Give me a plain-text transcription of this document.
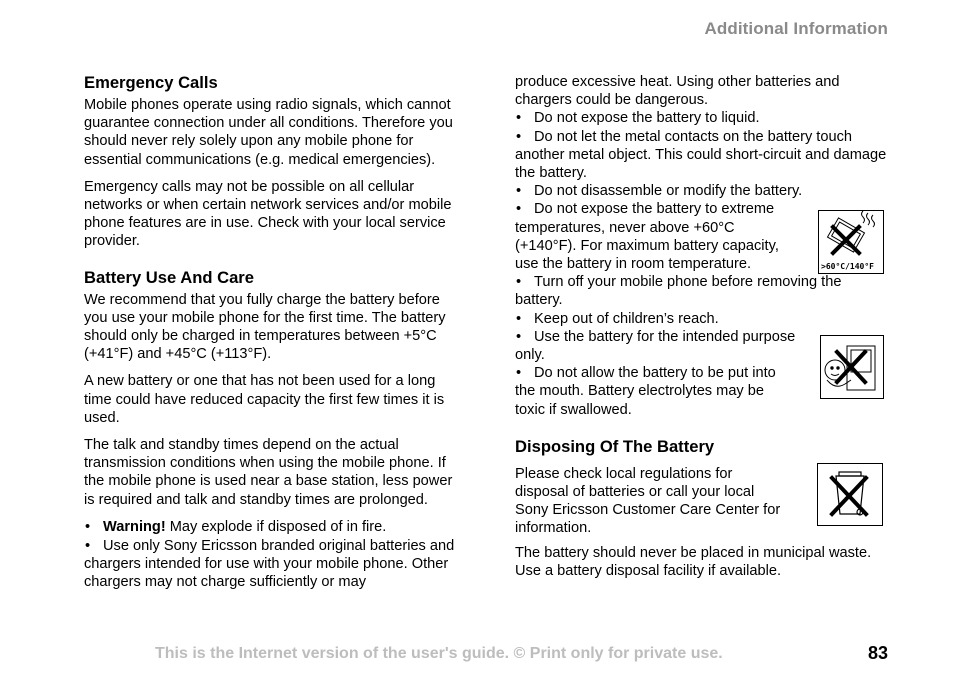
Additional Information
Emergency Calls

Mobile phones operate using radio signals, which cannot guarantee connection under all conditions. Therefore you should never rely solely upon any mobile phone for essential communications (e.g. medical emergencies).

Emergency calls may not be possible on all cellular networks or when certain network services and/or mobile phone features are in use. Check with your local service provider.

Battery Use And Care

We recommend that you fully charge the battery before you use your mobile phone for the first time. The battery should only be charged in temperatures between +5°C (+41°F) and +45°C (+113°F).

A new battery or one that has not been used for a long time could have reduced capacity the first few times it is used.

The talk and standby times depend on the actual transmission conditions when using the mobile phone. If the mobile phone is used near a base station, less power is required and talk and standby times are prolonged.

• Warning! May explode if disposed of in fire.
• Use only Sony Ericsson branded original batteries and chargers intended for use with your mobile phone. Other chargers may not charge sufficiently or may

produce excessive heat. Using other batteries and chargers could be dangerous.

• Do not expose the battery to liquid.
• Do not let the metal contacts on the battery touch another metal object. This could short-circuit and damage the battery.
• Do not disassemble or modify the battery.
• Do not expose the battery to extreme temperatures, never above +60°C (+140°F). For maximum battery capacity, use the battery in room temperature.
• Turn off your mobile phone before removing the battery.
• Keep out of children’s reach.
• Use the battery for the intended purpose only.
• Do not allow the battery to be put into the mouth. Battery electrolytes may be toxic if swallowed.
Disposing Of The Battery

Please check local regulations for disposal of batteries or call your local Sony Ericsson Customer Care Center for information.

The battery should never be placed in municipal waste. Use a battery disposal facility if available.

>60°C/140°F
This is the Internet version of the user's guide. © Print only for private use.	83
